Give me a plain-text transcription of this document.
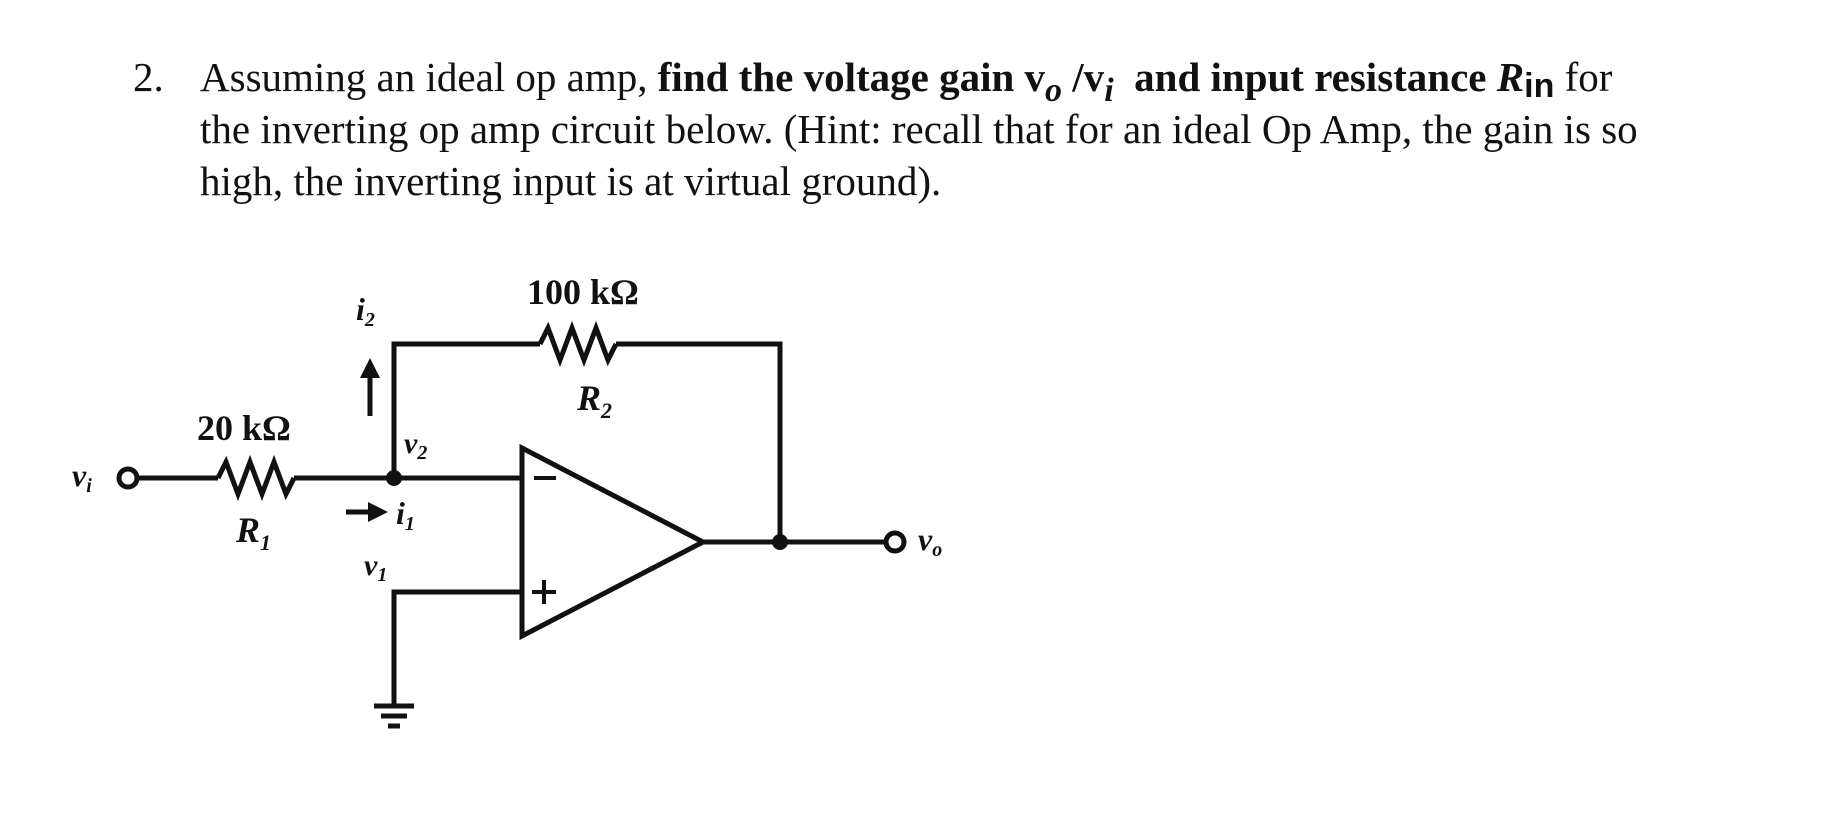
2. Assuming an ideal op amp, find the voltage gain $v_o$ $/v_i$  and input resistance Rin for
the inverting op amp circuit below. (Hint: recall that for an ideal Op Amp, the gain is so
high, the inverting input is at virtual ground).
100 kΩ
20 kΩ
$R_2$
$R_1$
vi
vo
$v_2$
$v_1$
i1
i2
